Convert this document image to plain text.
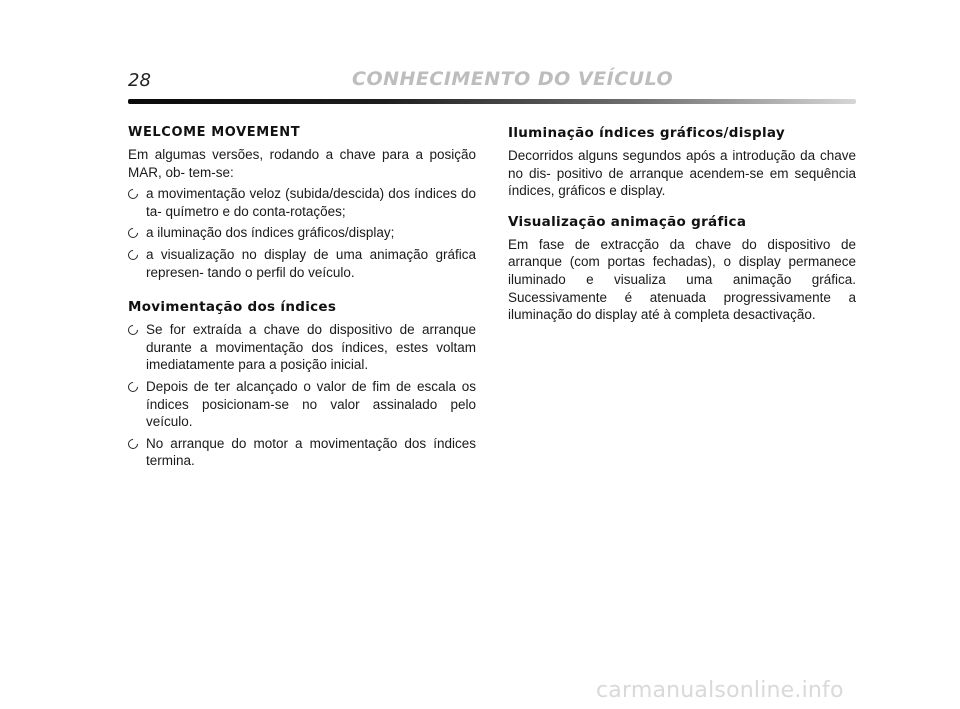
28	CONHECIMENTO DO VEÍCULO
WELCOME MOVEMENT

Em algumas versões, rodando a chave para a posição MAR, ob- tem-se:

a movimentação veloz (subida/descida) dos índices do ta- químetro e do conta-rotações;
a iluminação dos índices gráficos/display;
a visualização no display de uma animação gráfica represen- tando o perfil do veículo.
Movimentação dos índices
Se for extraída a chave do dispositivo de arranque durante a movimentação dos índices, estes voltam imediatamente para a posição inicial.
Depois de ter alcançado o valor de fim de escala os índices posicionam-se no valor assinalado pelo veículo.
No arranque do motor a movimentação dos índices termina.
Iluminação índices gráficos/display

Decorridos alguns segundos após a introdução da chave no dis- positivo de arranque acendem-se em sequência índices, gráficos e display.

Visualização animação gráfica

Em fase de extracção da chave do dispositivo de arranque (com portas fechadas), o display permanece iluminado e visualiza uma animação gráfica. Sucessivamente é atenuada progressivamente a iluminação do display até à completa desactivação.

carmanualsonline.info
